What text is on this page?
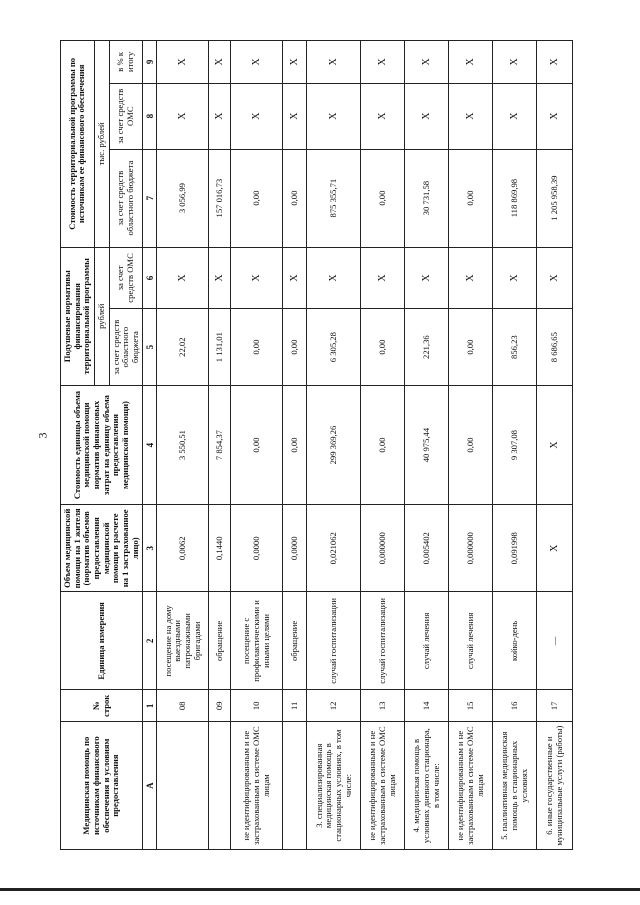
3
Медицинская помощь по источникам финансового обеспечения и условиям предоставления	№ строк	Единица измерения	Объем медицинской помощи на 1 жителя (норматив объемов предоставления медицинской помощи в расчете на 1 застрахованное лицо)	Стоимость единицы объема медицинской помощи норматив финансовых затрат на единицу объема предоставления медицинской помощи)	Подушевые нормативы финансирования территориальной программы		Стоимость территориальной программы по источникам ее финансового обеспечения		
					рублей		тыс. рублей		
					за счет средств областного бюджета	за счет средств ОМС	за счет средств областного бюджета	за счет средств ОМС	в % к итогу
А	1	2	3	4	5	6	7	8	9
	08	посещение на дому выездными патронажными бригадами	0,0062	3 550,51	22,02	X	3 056,99	X	X
	09	обращение	0,1440	7 854,37	1 131,01	X	157 016,73	X	X
не идентифицированным и не застрахованным в системе ОМС лицам	10	посещение с профилактическими и иными целями	0,0000	0,00	0,00	X	0,00	X	X
	11	обращение	0,0000	0,00	0,00	X	0,00	X	X
3. специализированная медицинская помощь в стационарных условиях, в том числе:	12	случай госпитализации	0,021062	299 369,26	6 305,28	X	875 355,71	X	X
не идентифицированным и не застрахованным в системе ОМС лицам	13	случай госпитализации	0,000000	0,00	0,00	X	0,00	X	X
4. медицинская помощь в условиях дневного стационара, в том числе:	14	случай лечения	0,005402	40 975,44	221,36	X	30 731,58	X	X
не идентифицированным и не застрахованным в системе ОМС лицам	15	случай лечения	0,000000	0,00	0,00	X	0,00	X	X
5. паллиативная медицинская помощь в стационарных условиях	16	койко-день	0,091998	9 307,08	856,23	X	118 869,98	X	X
6. иные государственные и муниципальные услуги (работы)	17	—	X	X	8 686,65	X	1 205 958,39	X	X
